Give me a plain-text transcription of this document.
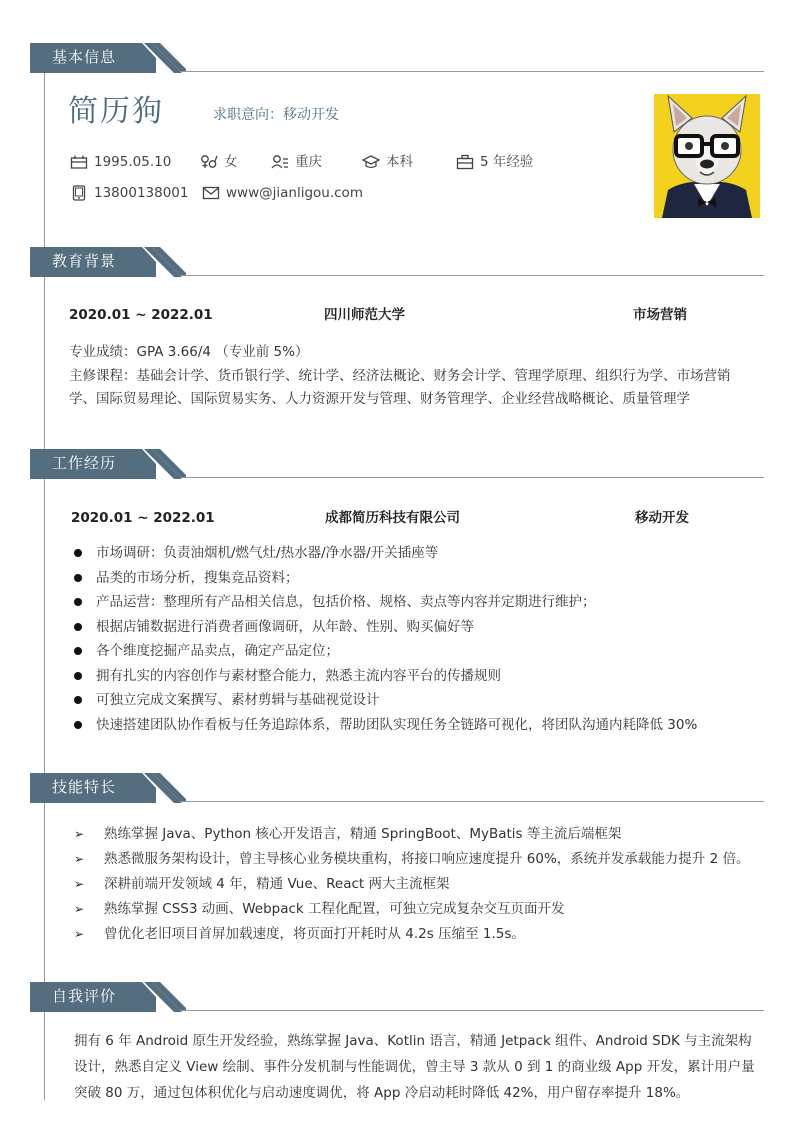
基本信息
简历狗	求职意向：移动开发
1995.05.10	女	重庆	本科	5 年经验
13800138001	www@jianligou.com
教育背景
2020.01 ~ 2022.01	四川师范大学	市场营销
专业成绩：GPA 3.66/4 （专业前 5%）
主修课程：基础会计学、货币银行学、统计学、经济法概论、财务会计学、管理学原理、组织行为学、市场营销
学、国际贸易理论、国际贸易实务、人力资源开发与管理、财务管理学、企业经营战略概论、质量管理学
工作经历
2020.01 ~ 2022.01	成都简历科技有限公司	移动开发
市场调研：负责油烟机/燃气灶/热水器/净水器/开关插座等
品类的市场分析，搜集竞品资料；
产品运营：整理所有产品相关信息，包括价格、规格、卖点等内容并定期进行维护；
根据店铺数据进行消费者画像调研，从年龄、性别、购买偏好等
各个维度挖掘产品卖点，确定产品定位；
拥有扎实的内容创作与素材整合能力，熟悉主流内容平台的传播规则
可独立完成文案撰写、素材剪辑与基础视觉设计
快速搭建团队协作看板与任务追踪体系，帮助团队实现任务全链路可视化，将团队沟通内耗降低 30%
技能特长
➢ 熟练掌握 Java、Python 核心开发语言，精通 SpringBoot、MyBatis 等主流后端框架
➢ 熟悉微服务架构设计，曾主导核心业务模块重构，将接口响应速度提升 60%，系统并发承载能力提升 2 倍。
➢ 深耕前端开发领域 4 年，精通 Vue、React 两大主流框架
➢ 熟练掌握 CSS3 动画、Webpack 工程化配置，可独立完成复杂交互页面开发
➢ 曾优化老旧项目首屏加载速度，将页面打开耗时从 4.2s 压缩至 1.5s。
自我评价
拥有 6 年 Android 原生开发经验，熟练掌握 Java、Kotlin 语言，精通 Jetpack 组件、Android SDK 与主流架构
设计，熟悉自定义 View 绘制、事件分发机制与性能调优，曾主导 3 款从 0 到 1 的商业级 App 开发，累计用户量
突破 80 万，通过包体积优化与启动速度调优，将 App 冷启动耗时降低 42%，用户留存率提升 18%。
